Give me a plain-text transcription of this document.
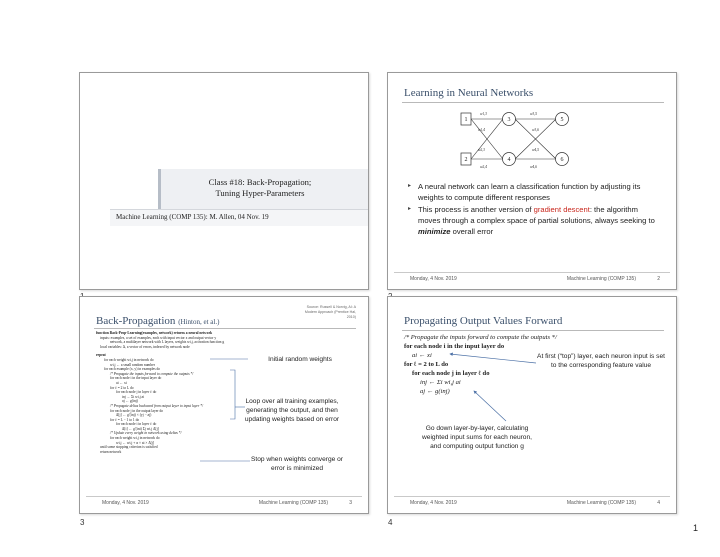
Class #18: Back-Propagation;
Tuning Hyper-Parameters
Machine Learning (COMP 135): M. Allen, 04 Nov. 19
Learning in Neural Networks
1
2
3
4
5
6
w1,3
w1,4
w2,3
w2,4
w3,5
w3,6
w4,5
w4,6
▸ A neural network can learn a classification function by adjusting its weights to compute different responses
▸ This process is another version of gradient descent: the algorithm moves through a complex space of partial solutions, always seeking to minimize overall error
Monday, 4 Nov. 2019	Machine Learning (COMP 135)	2
Back-Propagation (Hinton, et al.)
Source: Russell & Norvig, AI: A Modern Approach (Prentice Hal, 2010)
function Back-Prop-Learning(examples, network) returns a neural network
inputs: examples, a set of examples, each with input vector x and output vector y
network, a multilayer network with L layers, weights wi,j, activation function g
local variables: Δ, a vector of errors, indexed by network node
repeat
for each weight wi,j in network do
wi,j ← a small random number
for each example (x, y) in examples do
/* Propagate the inputs forward to compute the outputs */
for each node i in the input layer do
ai ← xi
for ℓ = 2 to L do
for each node j in layer ℓ do
inj ← Σi wi,j ai
aj ← g(inj)
/* Propagate deltas backward from output layer to input layer */
for each node j in the output layer do
Δ[j] ← g′(inj) × (yj − aj)
for ℓ = L − 1 to 1 do
for each node i in layer ℓ do
Δ[i] ← g′(ini) Σj wi,j Δ[j]
/* Update every weight in network using deltas */
for each weight wi,j in network do
wi,j ← wi,j + α × ai × Δ[j]
until some stopping criterion is satisfied
return network
Initial random weights
Loop over all training examples, generating the output, and then updating weights based on error
Stop when weights converge or error is minimized
Monday, 4 Nov. 2019	Machine Learning (COMP 135)	3
3
Propagating Output Values Forward
/* Propagate the inputs forward to compute the outputs */
for each node i in the input layer do
ai ← xi
for ℓ = 2 to L do
for each node j in layer ℓ do
inj ← Σi wi,j ai
aj ← g(inj)
At first (“top”) layer, each neuron input is set to the corresponding feature value
Go down layer-by-layer, calculating weighted input sums for each neuron, and computing output function g
Monday, 4 Nov. 2019	Machine Learning (COMP 135)	4
4
1
